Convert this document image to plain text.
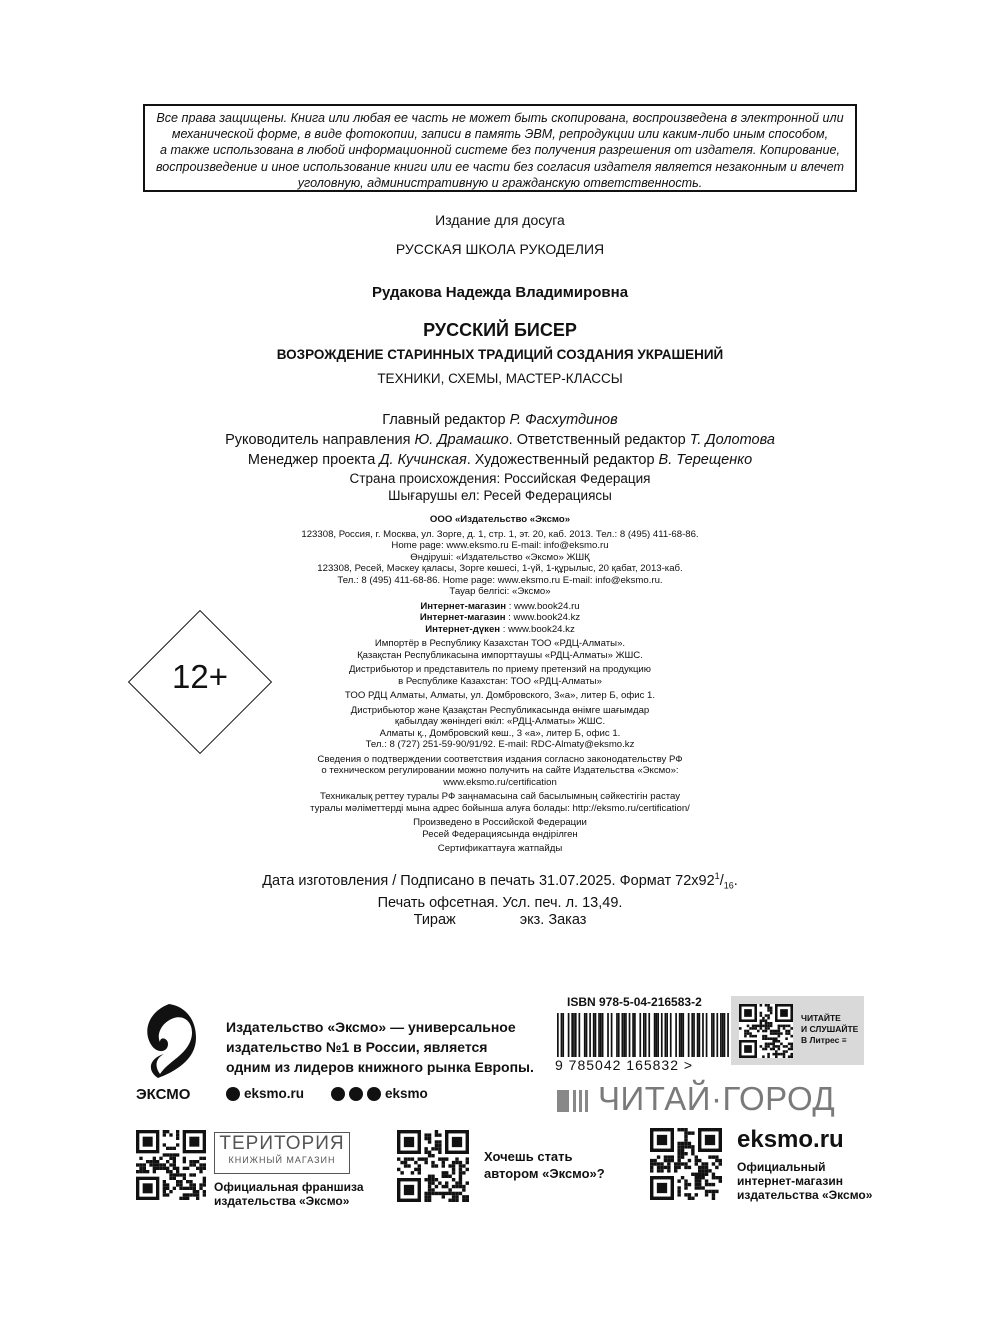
Все права защищены. Книга или любая ее часть не может быть скопирована, воспроизведена в электронной или
механической форме, в виде фотокопии, записи в память ЭВМ, репродукции или каким-либо иным способом,
а также использована в любой информационной системе без получения разрешения от издателя. Копирование,
воспроизведение и иное использование книги или ее части без согласия издателя является незаконным и влечет
уголовную, административную и гражданскую ответственность.
Издание для досуга
РУССКАЯ ШКОЛА РУКОДЕЛИЯ
Рудакова Надежда Владимировна
РУССКИЙ БИСЕР
ВОЗРОЖДЕНИЕ СТАРИННЫХ ТРАДИЦИЙ СОЗДАНИЯ УКРАШЕНИЙ
ТЕХНИКИ, СХЕМЫ, МАСТЕР-КЛАССЫ
Главный редактор Р. Фасхутдинов
Руководитель направления Ю. Драмашко. Ответственный редактор Т. Долотова
Менеджер проекта Д. Кучинская. Художественный редактор В. Терещенко
Страна происхождения: Российская Федерация
Шығарушы ел: Ресей Федерациясы
ООО «Издательство «Эксмо»
123308, Россия, г. Москва, ул. Зорге, д. 1, стр. 1, эт. 20, каб. 2013. Тел.: 8 (495) 411-68-86.
Home page: www.eksmo.ru E-mail: info@eksmo.ru
Өндіруші: «Издательство «Эксмо» ЖШҚ
123308, Ресей, Мәскеу қаласы, Зорге көшесі, 1-үй, 1-құрылыс, 20 қабат, 2013-каб.
Тел.: 8 (495) 411-68-86. Home page: www.eksmo.ru E-mail: info@eksmo.ru.
Тауар белгісі: «Эксмо»
Интернет-магазин : www.book24.ru
Интернет-магазин : www.book24.kz
Интернет-дүкен : www.book24.kz
Импортёр в Республику Казахстан ТОО «РДЦ-Алматы».
Қазақстан Республикасына импорттаушы «РДЦ-Алматы» ЖШС.
Дистрибьютор и представитель по приему претензий на продукцию
в Республике Казахстан: ТОО «РДЦ-Алматы»
ТОО РДЦ Алматы, Алматы, ул. Домбровского, 3«а», литер Б, офис 1.
Дистрибьютор және Қазақстан Республикасында өнімге шағымдар
қабылдау жөніндегі өкіл: «РДЦ-Алматы» ЖШС.
Алматы қ., Домбровский көш., 3 «а», литер Б, офис 1.
Тел.: 8 (727) 251-59-90/91/92. E-mail: RDC-Almaty@eksmo.kz
Сведения о подтверждении соответствия издания согласно законодательству РФ
о техническом регулировании можно получить на сайте Издательства «Эксмо»:
www.eksmo.ru/certification
Техникалық реттеу туралы РФ заңнамасына сай басылымның сәйкестігін растау
туралы мәліметтерді мына адрес бойынша алуға болады: http://eksmo.ru/certification/
Произведено в Российской Федерации
Ресей Федерациясында өндірілген
Сертификаттауға жатпайды
12+
Дата изготовления / Подписано в печать 31.07.2025. Формат $72x92^1/_{16}$.
Печать офсетная. Усл. печ. л. 13,49.
Тираж	экз. Заказ
ЭКСМО
Издательство «Эксмо» — универсальное
издательство №1 в России, является
одним из лидеров книжного рынка Европы.
eksmo.ru	eksmo
ISBN 978-5-04-216583-2
9 785042 165832 >
ЧИТАЙТЕ
И СЛУШАЙТЕ
В Литрес ≡
ЧИТАЙ·ГОРОД
ТЕРИТОРИЯ
КНИЖНЫЙ МАГАЗИН
Официальная франшиза
издательства «Эксмо»
Хочешь стать
автором «Эксмо»?
eksmo.ru
Официальный
интернет-магазин
издательства «Эксмо»
